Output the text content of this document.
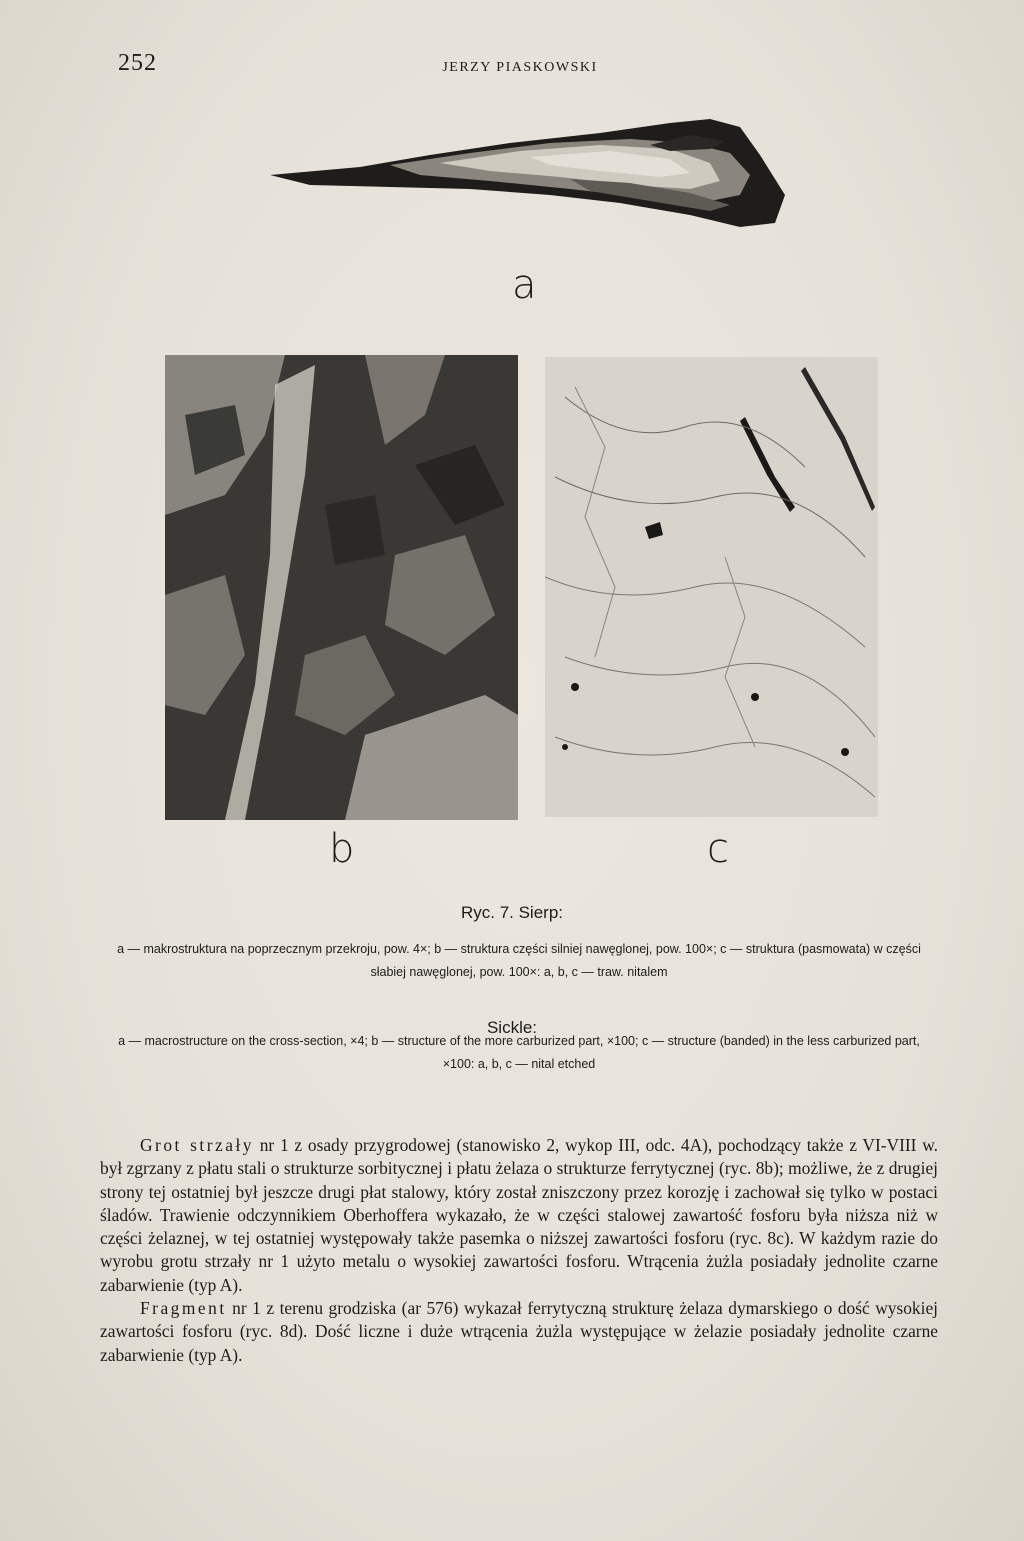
252	JERZY PIASKOWSKI
a
b	c
Ryc. 7. Sierp:
a — makrostruktura na poprzecznym przekroju, pow. 4×; b — struktura części silniej nawęglonej, pow. 100×; c — struktura (pasmowata) w części słabiej nawęglonej, pow. 100×: a, b, c — traw. nitalem
Sickle:
a — macrostructure on the cross-section, ×4; b — structure of the more carburized part, ×100; c — structure (banded) in the less carburized part, ×100: a, b, c — nital etched

Grot strzały nr 1 z osady przygrodowej (stanowisko 2, wykop III, odc. 4A), pochodzący także z VI-VIII w. był zgrzany z płatu stali o strukturze sorbitycznej i płatu żelaza o strukturze ferrytycznej (ryc. 8b); możliwe, że z drugiej strony tej ostatniej był jeszcze drugi płat stalowy, który został zniszczony przez korozję i zachował się tylko w postaci śladów. Trawienie odczynnikiem Oberhoffera wykazało, że w części stalowej zawartość fosforu była niższa niż w części żelaznej, w tej ostatniej występowały także pasemka o niższej zawartości fosforu (ryc. 8c). W każdym razie do wyrobu grotu strzały nr 1 użyto metalu o wysokiej zawartości fosforu. Wtrącenia żużla posiadały jednolite czarne zabarwienie (typ A).

Fragment nr 1 z terenu grodziska (ar 576) wykazał ferrytyczną strukturę żelaza dymarskiego o dość wysokiej zawartości fosforu (ryc. 8d). Dość liczne i duże wtrącenia żużla występujące w żelazie posiadały jednolite czarne zabarwienie (typ A).
